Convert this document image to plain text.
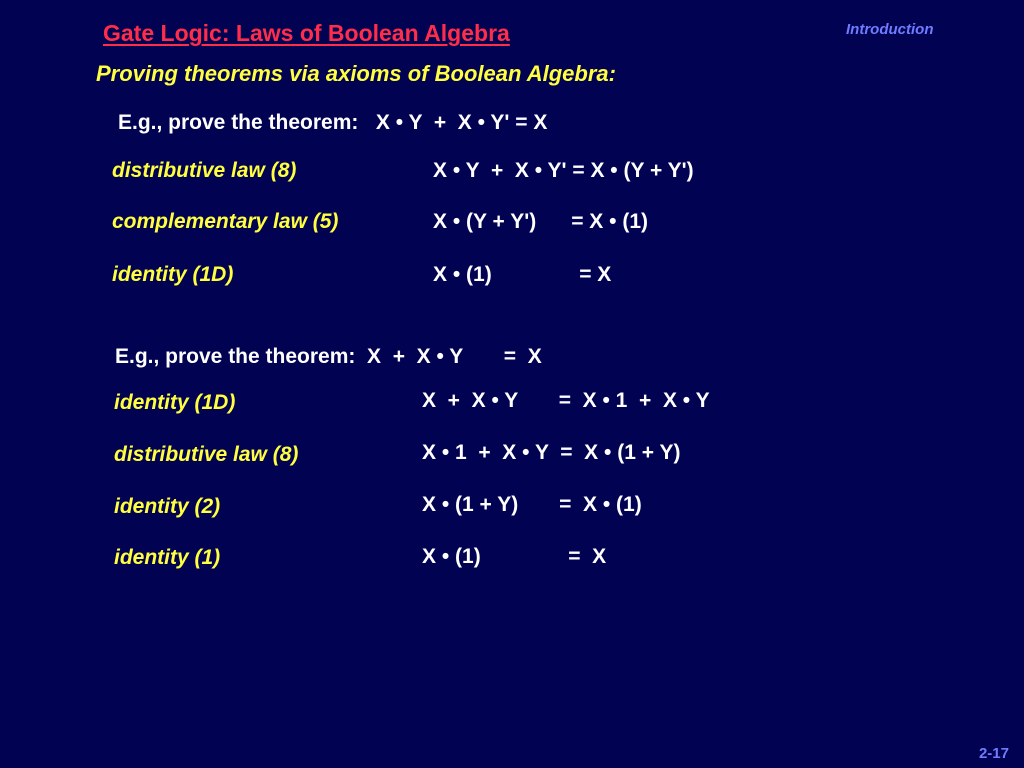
Gate Logic: Laws of Boolean Algebra	Introduction
Proving theorems via axioms of Boolean Algebra:
E.g., prove the theorem:   X • Y  +  X • Y' = X
distributive law (8)	X • Y  +  X • Y' = X • (Y + Y')
complementary law (5)	X • (Y + Y')      = X • (1)
identity (1D)	X • (1)               = X
E.g., prove the theorem:  X  +  X • Y       =  X
identity (1D)	X  +  X • Y       =  X • 1  +  X • Y
distributive law (8)	X • 1  +  X • Y  =  X • (1 + Y)
identity (2)	X • (1 + Y)       =  X • (1)
identity (1)	X • (1)               =  X
2-17
